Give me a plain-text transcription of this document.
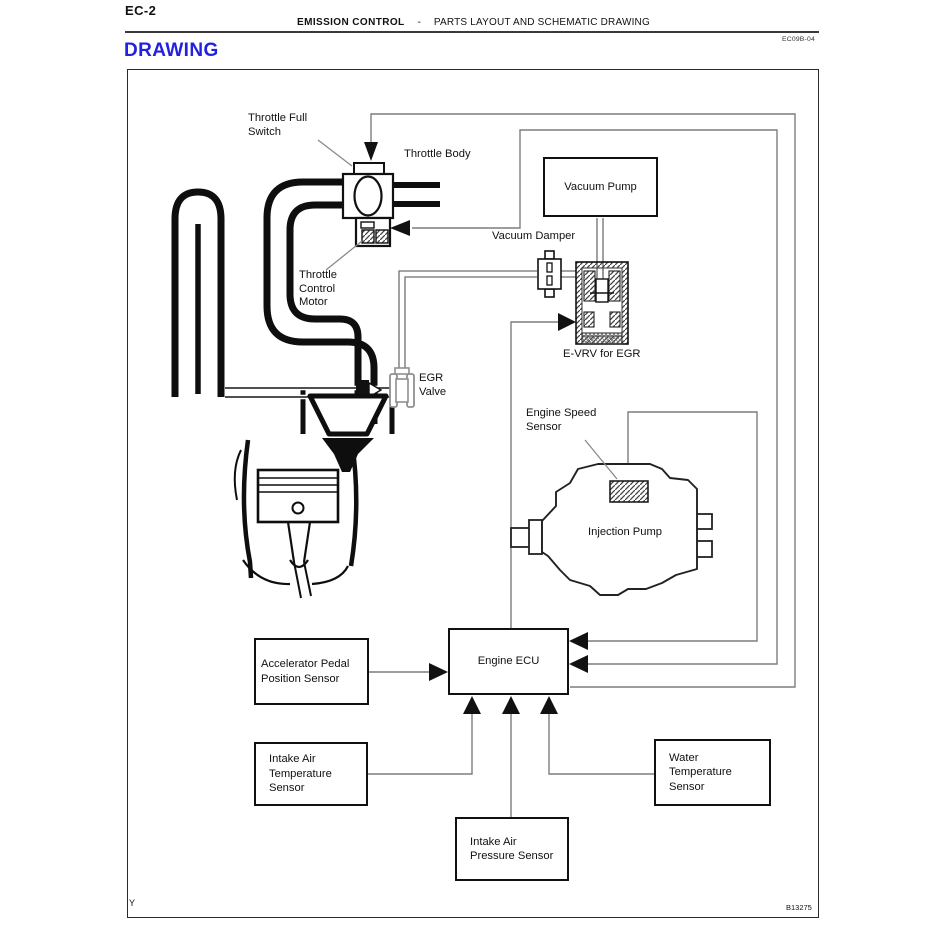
EC-2
EMISSION CONTROL - PARTS LAYOUT AND SCHEMATIC DRAWING
EC09B-04
DRAWING
Y	B13275
Vacuum Pump
Engine ECU
Accelerator Pedal
Position Sensor
Intake Air
Temperature
Sensor
Intake Air
Pressure Sensor
Water
Temperature
Sensor
Throttle Full
Switch
Throttle Body
Vacuum Damper
E-VRV for EGR
Throttle
Control
Motor
EGR
Valve
Engine Speed
Sensor
Injection Pump
